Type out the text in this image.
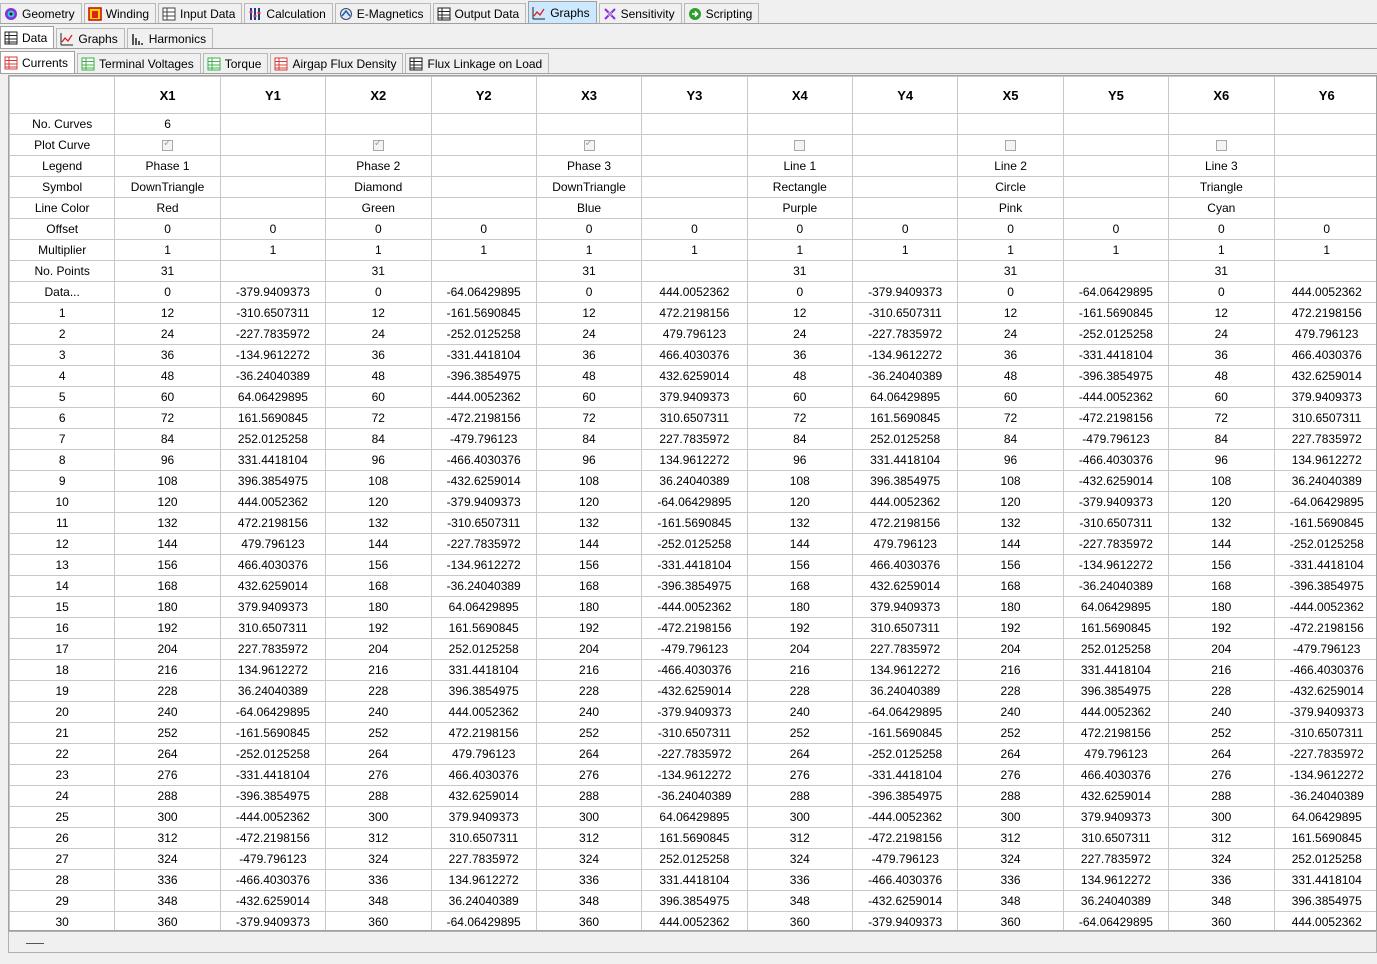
Geometry	Winding	Input Data	Calculation	E-Magnetics	Output Data	Graphs	Sensitivity	Scripting
Data	Graphs	Harmonics
Currents	Terminal Voltages	Torque	Airgap Flux Density	Flux Linkage on Load
	X1	Y1	X2	Y2	X3	Y3	X4	Y4	X5	Y5	X6	Y6
No. Curves	6											
Plot Curve	✓		✓		✓							
Legend	Phase 1		Phase 2		Phase 3		Line 1		Line 2		Line 3	
Symbol	DownTriangle		Diamond		DownTriangle		Rectangle		Circle		Triangle	
Line Color	Red		Green		Blue		Purple		Pink		Cyan	
Offset	0	0	0	0	0	0	0	0	0	0	0	0
Multiplier	1	1	1	1	1	1	1	1	1	1	1	1
No. Points	31		31		31		31		31		31	
Data...	0	-379.9409373	0	-64.06429895	0	444.0052362	0	-379.9409373	0	-64.06429895	0	444.0052362
1	12	-310.6507311	12	-161.5690845	12	472.2198156	12	-310.6507311	12	-161.5690845	12	472.2198156
2	24	-227.7835972	24	-252.0125258	24	479.796123	24	-227.7835972	24	-252.0125258	24	479.796123
3	36	-134.9612272	36	-331.4418104	36	466.4030376	36	-134.9612272	36	-331.4418104	36	466.4030376
4	48	-36.24040389	48	-396.3854975	48	432.6259014	48	-36.24040389	48	-396.3854975	48	432.6259014
5	60	64.06429895	60	-444.0052362	60	379.9409373	60	64.06429895	60	-444.0052362	60	379.9409373
6	72	161.5690845	72	-472.2198156	72	310.6507311	72	161.5690845	72	-472.2198156	72	310.6507311
7	84	252.0125258	84	-479.796123	84	227.7835972	84	252.0125258	84	-479.796123	84	227.7835972
8	96	331.4418104	96	-466.4030376	96	134.9612272	96	331.4418104	96	-466.4030376	96	134.9612272
9	108	396.3854975	108	-432.6259014	108	36.24040389	108	396.3854975	108	-432.6259014	108	36.24040389
10	120	444.0052362	120	-379.9409373	120	-64.06429895	120	444.0052362	120	-379.9409373	120	-64.06429895
11	132	472.2198156	132	-310.6507311	132	-161.5690845	132	472.2198156	132	-310.6507311	132	-161.5690845
12	144	479.796123	144	-227.7835972	144	-252.0125258	144	479.796123	144	-227.7835972	144	-252.0125258
13	156	466.4030376	156	-134.9612272	156	-331.4418104	156	466.4030376	156	-134.9612272	156	-331.4418104
14	168	432.6259014	168	-36.24040389	168	-396.3854975	168	432.6259014	168	-36.24040389	168	-396.3854975
15	180	379.9409373	180	64.06429895	180	-444.0052362	180	379.9409373	180	64.06429895	180	-444.0052362
16	192	310.6507311	192	161.5690845	192	-472.2198156	192	310.6507311	192	161.5690845	192	-472.2198156
17	204	227.7835972	204	252.0125258	204	-479.796123	204	227.7835972	204	252.0125258	204	-479.796123
18	216	134.9612272	216	331.4418104	216	-466.4030376	216	134.9612272	216	331.4418104	216	-466.4030376
19	228	36.24040389	228	396.3854975	228	-432.6259014	228	36.24040389	228	396.3854975	228	-432.6259014
20	240	-64.06429895	240	444.0052362	240	-379.9409373	240	-64.06429895	240	444.0052362	240	-379.9409373
21	252	-161.5690845	252	472.2198156	252	-310.6507311	252	-161.5690845	252	472.2198156	252	-310.6507311
22	264	-252.0125258	264	479.796123	264	-227.7835972	264	-252.0125258	264	479.796123	264	-227.7835972
23	276	-331.4418104	276	466.4030376	276	-134.9612272	276	-331.4418104	276	466.4030376	276	-134.9612272
24	288	-396.3854975	288	432.6259014	288	-36.24040389	288	-396.3854975	288	432.6259014	288	-36.24040389
25	300	-444.0052362	300	379.9409373	300	64.06429895	300	-444.0052362	300	379.9409373	300	64.06429895
26	312	-472.2198156	312	310.6507311	312	161.5690845	312	-472.2198156	312	310.6507311	312	161.5690845
27	324	-479.796123	324	227.7835972	324	252.0125258	324	-479.796123	324	227.7835972	324	252.0125258
28	336	-466.4030376	336	134.9612272	336	331.4418104	336	-466.4030376	336	134.9612272	336	331.4418104
29	348	-432.6259014	348	36.24040389	348	396.3854975	348	-432.6259014	348	36.24040389	348	396.3854975
30	360	-379.9409373	360	-64.06429895	360	444.0052362	360	-379.9409373	360	-64.06429895	360	444.0052362
